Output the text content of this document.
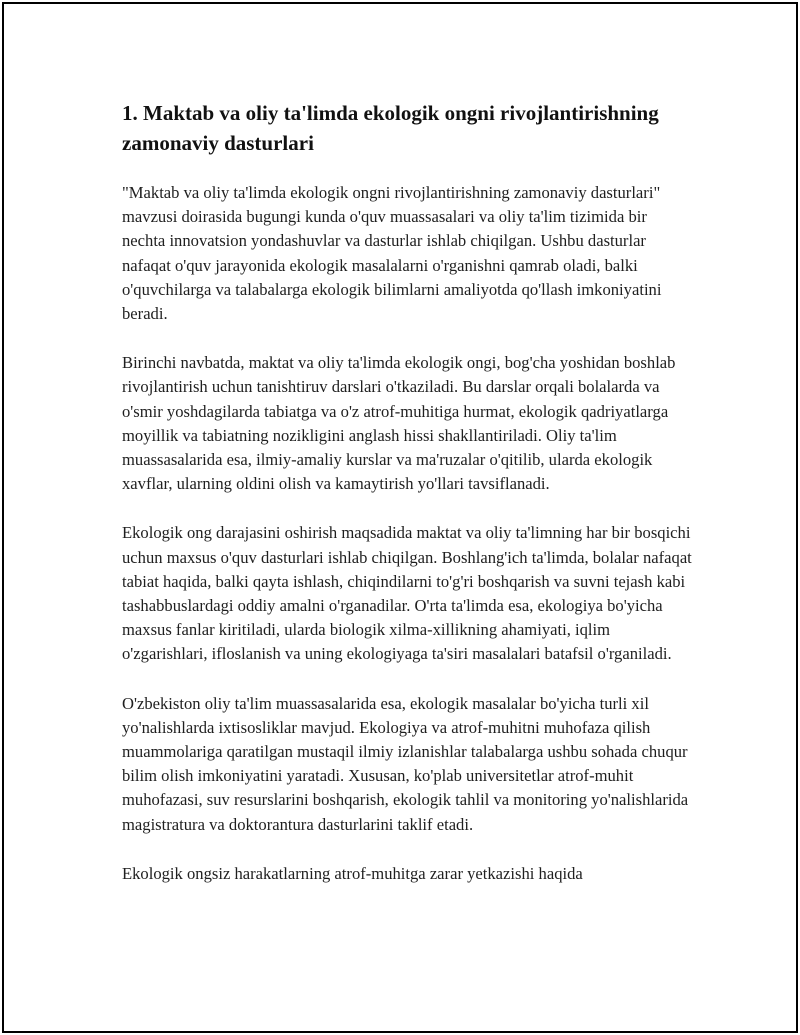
1. Maktab va oliy ta'limda ekologik ongni rivojlantirishning zamonaviy dasturlari

"Maktab va oliy ta'limda ekologik ongni rivojlantirishning zamonaviy dasturlari" mavzusi doirasida bugungi kunda o'quv muassasalari va oliy ta'lim tizimida bir nechta innovatsion yondashuvlar va dasturlar ishlab chiqilgan. Ushbu dasturlar nafaqat o'quv jarayonida ekologik masalalarni o'rganishni qamrab oladi, balki o'quvchilarga va talabalarga ekologik bilimlarni amaliyotda qo'llash imkoniyatini beradi.

Birinchi navbatda, maktat va oliy ta'limda ekologik ongi, bog'cha yoshidan boshlab rivojlantirish uchun tanishtiruv darslari o'tkaziladi. Bu darslar orqali bolalarda va o'smir yoshdagilarda tabiatga va o'z atrof-muhitiga hurmat, ekologik qadriyatlarga moyillik va tabiatning nozikligini anglash hissi shakllantiriladi. Oliy ta'lim muassasalarida esa, ilmiy-amaliy kurslar va ma'ruzalar o'qitilib, ularda ekologik xavflar, ularning oldini olish va kamaytirish yo'llari tavsiflanadi.

Ekologik ong darajasini oshirish maqsadida maktat va oliy ta'limning har bir bosqichi uchun maxsus o'quv dasturlari ishlab chiqilgan. Boshlang'ich ta'limda, bolalar nafaqat tabiat haqida, balki qayta ishlash, chiqindilarni to'g'ri boshqarish va suvni tejash kabi tashabbuslardagi oddiy amalni o'rganadilar. O'rta ta'limda esa, ekologiya bo'yicha maxsus fanlar kiritiladi, ularda biologik xilma-xillikning ahamiyati, iqlim o'zgarishlari, ifloslanish va uning ekologiyaga ta'siri masalalari batafsil o'rganiladi.

O'zbekiston oliy ta'lim muassasalarida esa, ekologik masalalar bo'yicha turli xil yo'nalishlarda ixtisosliklar mavjud. Ekologiya va atrof-muhitni muhofaza qilish muammolariga qaratilgan mustaqil ilmiy izlanishlar talabalarga ushbu sohada chuqur bilim olish imkoniyatini yaratadi. Xususan, ko'plab universitetlar atrof-muhit muhofazasi, suv resurslarini boshqarish, ekologik tahlil va monitoring yo'nalishlarida magistratura va doktorantura dasturlarini taklif etadi.

Ekologik ongsiz harakatlarning atrof-muhitga zarar yetkazishi haqida
